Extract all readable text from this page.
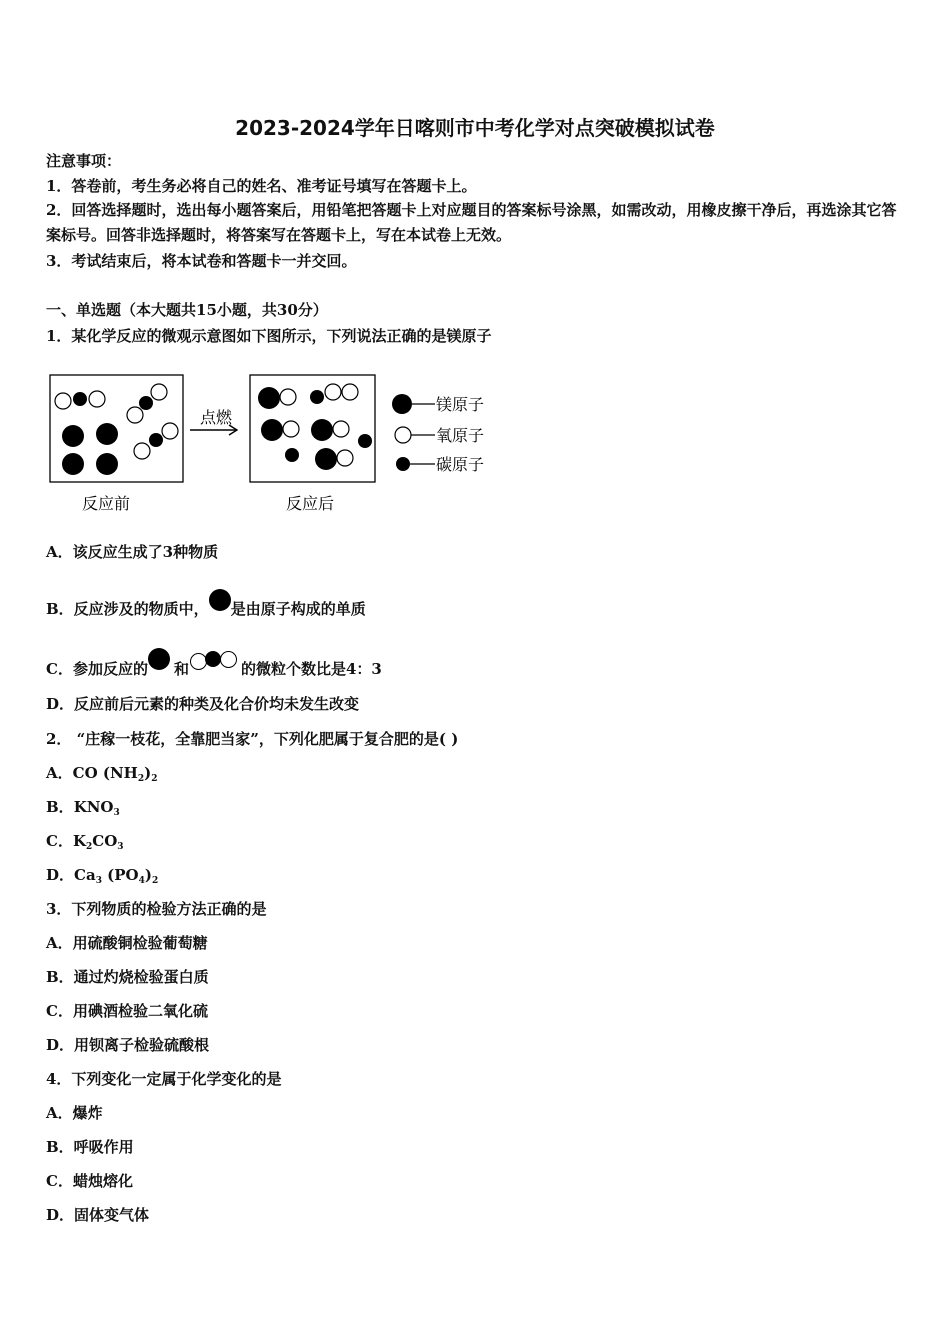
2023-2024学年日喀则市中考化学对点突破模拟试卷
注意事项：
1．答卷前，考生务必将自己的姓名、准考证号填写在答题卡上。
2．回答选择题时，选出每小题答案后，用铅笔把答题卡上对应题目的答案标号涂黑，如需改动，用橡皮擦干净后，再选涂其它答案标号。回答非选择题时，将答案写在答题卡上，写在本试卷上无效。
3．考试结束后，将本试卷和答题卡一并交回。
一、单选题（本大题共15小题，共30分）
1．某化学反应的微观示意图如下图所示，下列说法正确的是镁原子
点燃
镁原子
氧原子
碳原子
反应前	反应后
A．该反应生成了3种物质
B．反应涉及的物质中， 是由原子构成的单质
C．参加反应的 和	的微粒个数比是4：3
D．反应前后元素的种类及化合价均未发生改变
2． “庄稼一枝花，全靠肥当家”，下列化肥属于复合肥的是( )
A．CO $(NH_2)_2$
B．$KNO_3$
C．$K_2CO_3$
D．$Ca_3$ $(PO_4)_2$
3．下列物质的检验方法正确的是
A．用硫酸铜检验葡萄糖
B．通过灼烧检验蛋白质
C．用碘酒检验二氧化硫
D．用钡离子检验硫酸根
4．下列变化一定属于化学变化的是
A．爆炸
B．呼吸作用
C．蜡烛熔化
D．固体变气体
